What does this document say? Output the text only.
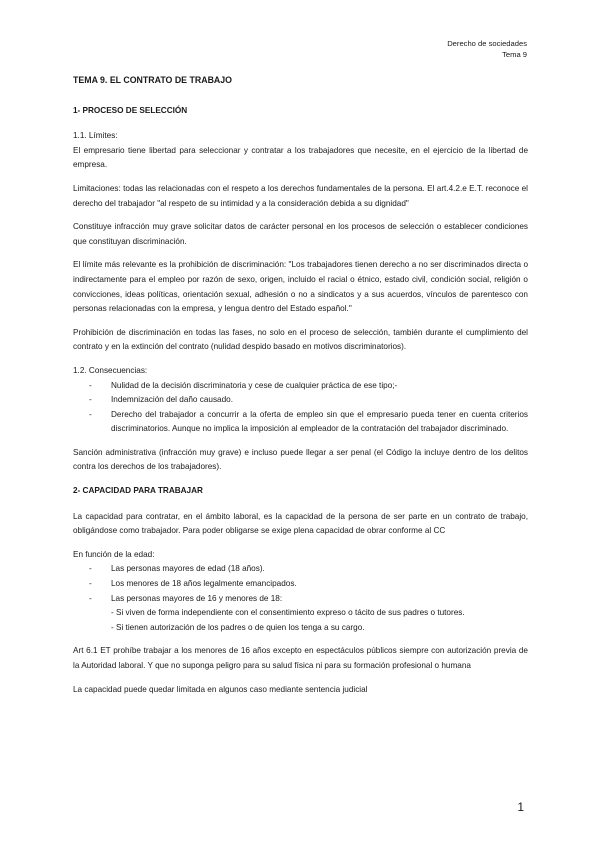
Derecho de sociedades
Tema 9
TEMA 9. EL CONTRATO DE TRABAJO
1- PROCESO DE SELECCIÓN
1.1. Límites:
El empresario tiene libertad para seleccionar y contratar a los trabajadores que necesite, en el ejercicio de la libertad de empresa.
Limitaciones: todas las relacionadas con el respeto a los derechos fundamentales de la persona. El art.4.2.e E.T. reconoce el derecho del trabajador "al respeto de su intimidad y a la consideración debida a su dignidad"
Constituye infracción muy grave solicitar datos de carácter personal en los procesos de selección o establecer condiciones que constituyan discriminación.
El límite más relevante es la prohibición de discriminación: "Los trabajadores tienen derecho a no ser discriminados directa o indirectamente para el empleo por razón de sexo, origen, incluido el racial o étnico, estado civil, condición social, religión o convicciones, ideas políticas, orientación sexual, adhesión o no a sindicatos y a sus acuerdos, vínculos de parentesco con personas relacionadas con la empresa, y lengua dentro del Estado español."
Prohibición de discriminación en todas las fases, no solo en el proceso de selección, también durante el cumplimiento del contrato y en la extinción del contrato (nulidad despido basado en motivos discriminatorios).
1.2. Consecuencias:
- Nulidad de la decisión discriminatoria y cese de cualquier práctica de ese tipo;-
- Indemnización del daño causado.
- Derecho del trabajador a concurrir a la oferta de empleo sin que el empresario pueda tener en cuenta criterios discriminatorios. Aunque no implica la imposición al empleador de la contratación del trabajador discriminado.
Sanción administrativa (infracción muy grave) e incluso puede llegar a ser penal (el Código la incluye dentro de los delitos contra los derechos de los trabajadores).
2- CAPACIDAD PARA TRABAJAR
La capacidad para contratar, en el ámbito laboral, es la capacidad de la persona de ser parte en un contrato de trabajo, obligándose como trabajador. Para poder obligarse se exige plena capacidad de obrar conforme al CC
En función de la edad:
- Las personas mayores de edad (18 años).
- Los menores de 18 años legalmente emancipados.
- Las personas mayores de 16 y menores de 18:
- Si viven de forma independiente con el consentimiento expreso o tácito de sus padres o tutores.
- Si tienen autorización de los padres o de quien los tenga a su cargo.
Art 6.1 ET prohíbe trabajar a los menores de 16 años excepto en espectáculos públicos siempre con autorización previa de la Autoridad laboral. Y que no suponga peligro para su salud física ni para su formación profesional o humana
La capacidad puede quedar limitada en algunos caso mediante sentencia judicial
1
